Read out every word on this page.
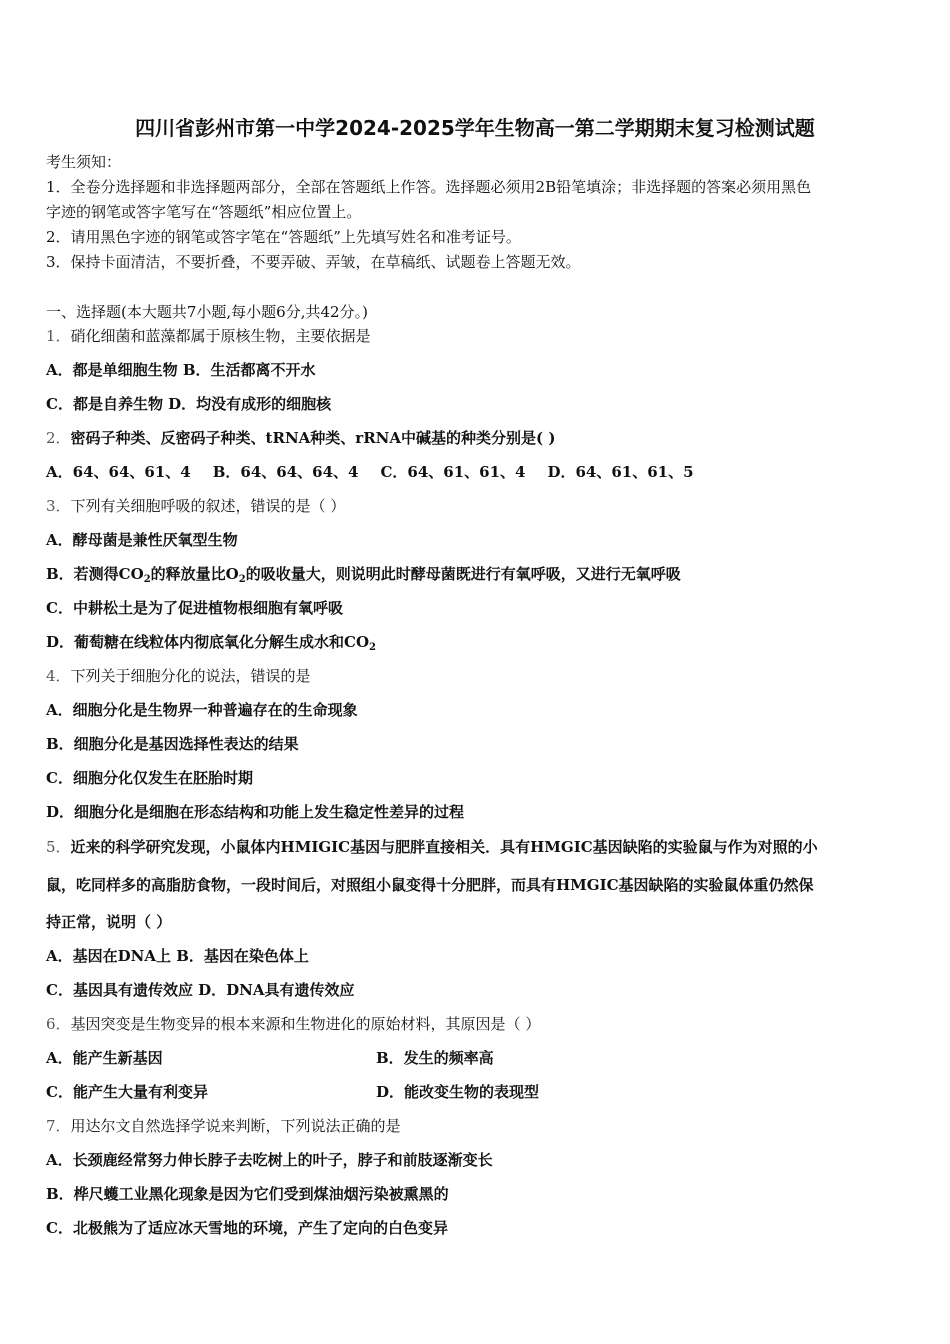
四川省彭州市第一中学2024-2025学年生物高一第二学期期末复习检测试题
考生须知：
1．全卷分选择题和非选择题两部分，全部在答题纸上作答。选择题必须用2B铅笔填涂；非选择题的答案必须用黑色
字迹的钢笔或答字笔写在“答题纸”相应位置上。
2．请用黑色字迹的钢笔或答字笔在“答题纸”上先填写姓名和准考证号。
3．保持卡面清洁，不要折叠，不要弄破、弄皱，在草稿纸、试题卷上答题无效。
一、选择题(本大题共7小题,每小题6分,共42分。)
1．硝化细菌和蓝藻都属于原核生物，主要依据是
A．都是单细胞生物 B．生活都离不开水
C．都是自养生物 D．均没有成形的细胞核
2．密码子种类、反密码子种类、tRNA种类、rRNA中碱基的种类分别是( )
A．64、64、61、4 B．64、64、64、4 C．64、61、61、4 D．64、61、61、5
3．下列有关细胞呼吸的叙述，错误的是（ ）
A．酵母菌是兼性厌氧型生物
B．若测得$CO_2$的释放量比$O_2$的吸收量大，则说明此时酵母菌既进行有氧呼吸，又进行无氧呼吸
C．中耕松土是为了促进植物根细胞有氧呼吸
D．葡萄糖在线粒体内彻底氧化分解生成水和$CO_2$
4．下列关于细胞分化的说法，错误的是
A．细胞分化是生物界一种普遍存在的生命现象
B．细胞分化是基因选择性表达的结果
C．细胞分化仅发生在胚胎时期
D．细胞分化是细胞在形态结构和功能上发生稳定性差异的过程
5．近来的科学研究发现，小鼠体内HMIGIC基因与肥胖直接相关．具有HMGIC基因缺陷的实验鼠与作为对照的小
鼠，吃同样多的高脂肪食物，一段时间后，对照组小鼠变得十分肥胖，而具有HMGIC基因缺陷的实验鼠体重仍然保
持正常，说明（ ）
A．基因在DNA上 B．基因在染色体上
C．基因具有遗传效应 D．DNA具有遗传效应
6．基因突变是生物变异的根本来源和生物进化的原始材料，其原因是（ ）
A．能产生新基因	B．发生的频率高
C．能产生大量有利变异	D．能改变生物的表现型
7．用达尔文自然选择学说来判断，下列说法正确的是
A．长颈鹿经常努力伸长脖子去吃树上的叶子，脖子和前肢逐渐变长
B．桦尺蠖工业黑化现象是因为它们受到煤油烟污染被熏黑的
C．北极熊为了适应冰天雪地的环境，产生了定向的白色变异
